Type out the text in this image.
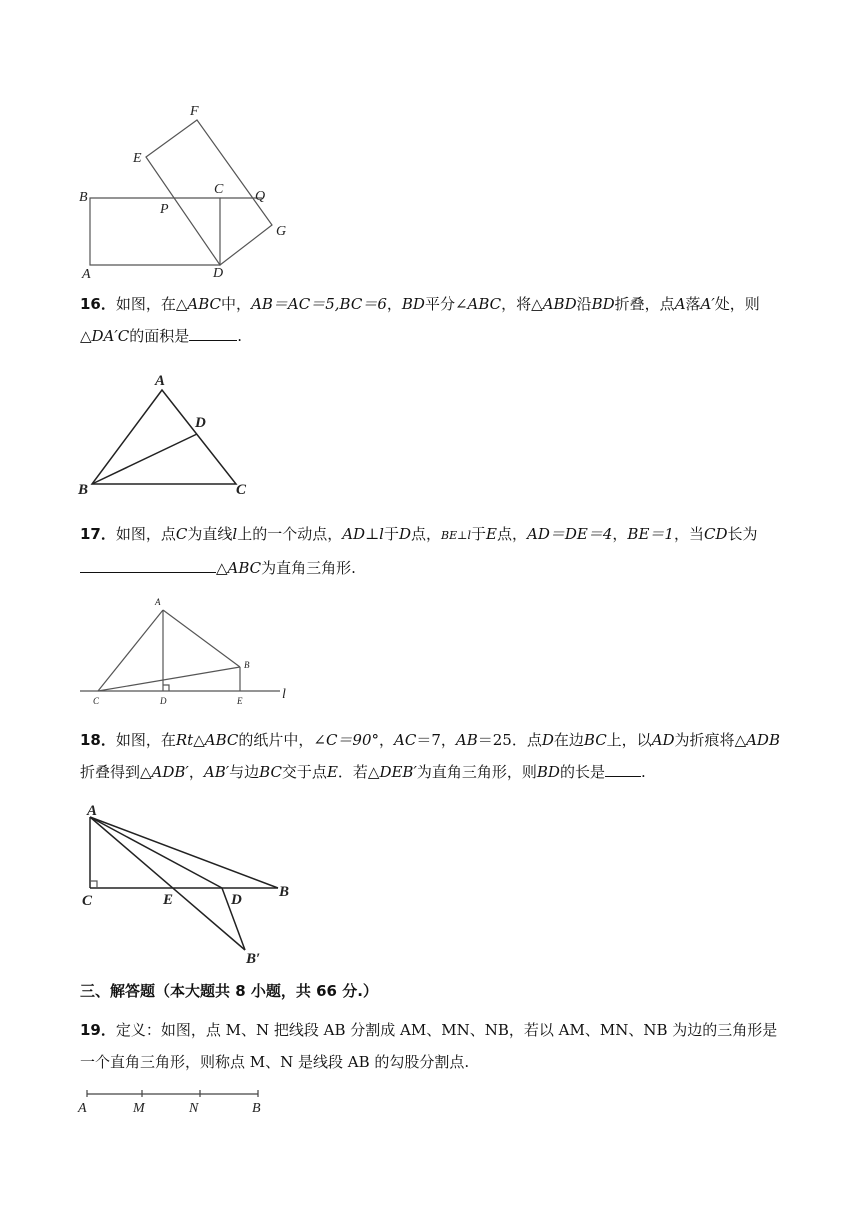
F
E
B
C Q
P
G
A	D

16．如图，在△ABC中，AB＝AC＝5,BC＝6，BD平分∠ABC，将△ABD沿BD折叠，点A落A′处，则△DA′C的面积是	.

A
D
B	C

17．如图，点C为直线l上的一个动点，AD⊥l于D点，BE⊥l于E点，AD＝DE＝4，BE＝1，当CD长为△ABC为直角三角形.

A
B
C	D	E	l

18．如图，在Rt△ABC的纸片中，∠C＝90°，AC＝7，AB＝25．点D在边BC上，以AD为折痕将△ADB折叠得到△ADB′，AB′与边BC交于点E．若△DEB′为直角三角形，则BD的长是 .

A
C	E	D B
B′

三、解答题（本大题共 8 小题，共 66 分.）

19．定义：如图，点 M、N 把线段 AB 分割成 AM、MN、NB，若以 AM、MN、NB 为边的三角形是一个直角三角形，则称点 M、N 是线段 AB 的勾股分割点.

A	M	N	B
